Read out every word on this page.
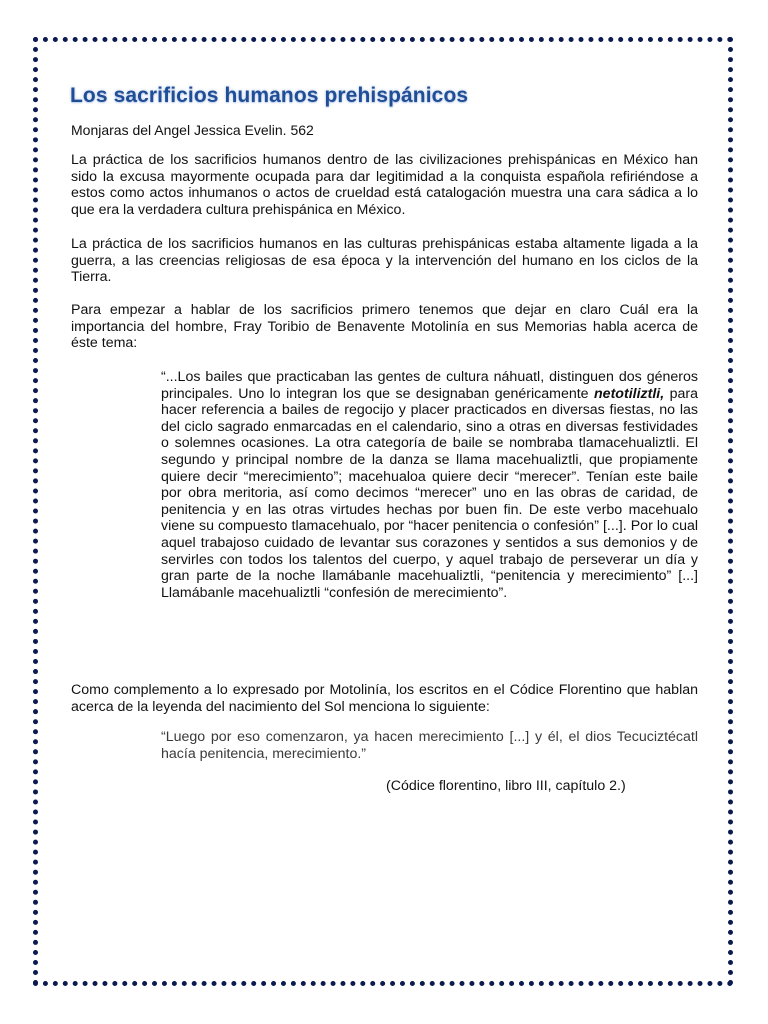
Los sacrificios humanos prehispánicos
Monjaras del Angel Jessica Evelin. 562

La práctica de los sacrificios humanos dentro de las civilizaciones prehispánicas en México han sido la excusa mayormente ocupada para dar legitimidad a la conquista española refiriéndose a estos como actos inhumanos o actos de crueldad está catalogación muestra una cara sádica a lo que era la verdadera cultura prehispánica en México.

La práctica de los sacrificios humanos en las culturas prehispánicas estaba altamente ligada a la guerra, a las creencias religiosas de esa época y la intervención del humano en los ciclos de la Tierra.

Para empezar a hablar de los sacrificios primero tenemos que dejar en claro Cuál era la importancia del hombre, Fray Toribio de Benavente Motolinía en sus Memorias habla acerca de éste tema:

“...Los bailes que practicaban las gentes de cultura náhuatl, distinguen dos géneros principales. Uno lo integran los que se designaban genéricamente netotiliztli, para hacer referencia a bailes de regocijo y placer practicados en diversas fiestas, no las del ciclo sagrado enmarcadas en el calendario, sino a otras en diversas festividades o solemnes ocasiones. La otra categoría de baile se nombraba tlamacehualiztli. El segundo y principal nombre de la danza se llama macehualiztli, que propiamente quiere decir “merecimiento”; macehualoa quiere decir “merecer”. Tenían este baile por obra meritoria, así como decimos “merecer” uno en las obras de caridad, de penitencia y en las otras virtudes hechas por buen fin. De este verbo macehualo viene su compuesto tlamacehualo, por “hacer penitencia o confesión” [...]. Por lo cual aquel trabajoso cuidado de levantar sus corazones y sentidos a sus demonios y de servirles con todos los talentos del cuerpo, y aquel trabajo de perseverar un día y gran parte de la noche llamábanle macehualiztli, “penitencia y merecimiento” [...] Llamábanle macehualiztli “confesión de merecimiento”.

Como complemento a lo expresado por Motolinía, los escritos en el Códice Florentino que hablan acerca de la leyenda del nacimiento del Sol menciona lo siguiente:

“Luego por eso comenzaron, ya hacen merecimiento [...] y él, el dios Tecuciztécatl hacía penitencia, merecimiento.”

(Códice florentino, libro III, capítulo 2.)
